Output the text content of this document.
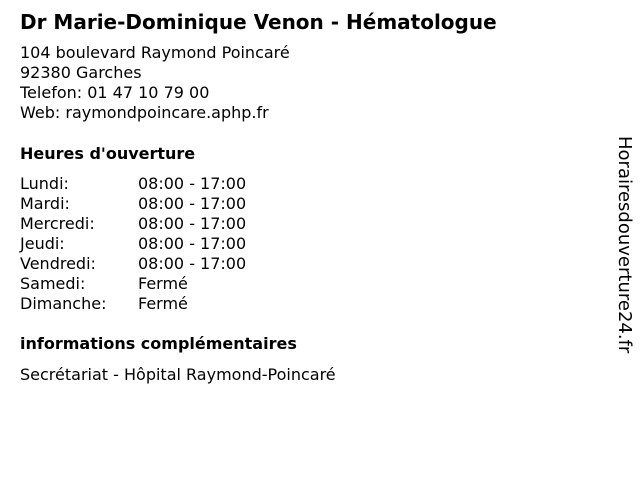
Dr Marie-Dominique Venon - Hématologue
104 boulevard Raymond Poincaré
92380 Garches
Telefon: 01 47 10 79 00
Web: raymondpoincare.aphp.fr
Heures d'ouverture
Lundi:	08:00 - 17:00
Mardi:	08:00 - 17:00
Mercredi:	08:00 - 17:00
Jeudi:	08:00 - 17:00
Vendredi:	08:00 - 17:00
Samedi:	Fermé
Dimanche:	Fermé
informations complémentaires
Secrétariat - Hôpital Raymond-Poincaré
Horairesdouverture24.fr
